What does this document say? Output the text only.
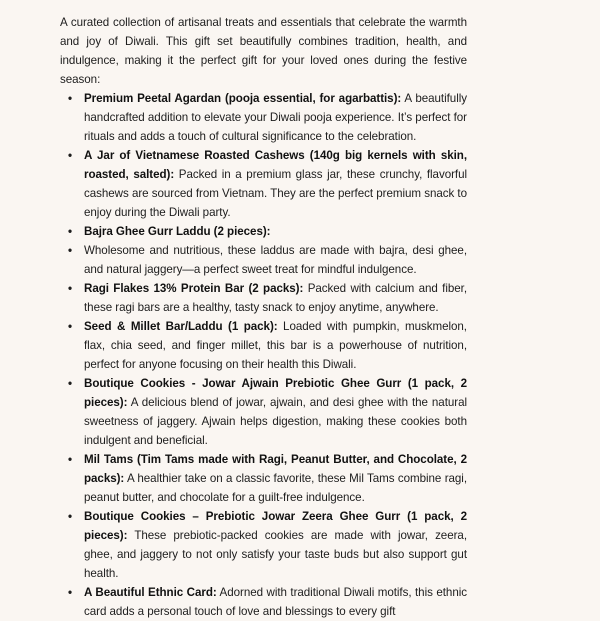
A curated collection of artisanal treats and essentials that celebrate the warmth and joy of Diwali. This gift set beautifully combines tradition, health, and indulgence, making it the perfect gift for your loved ones during the festive season:

• Premium Peetal Agardan (pooja essential, for agarbattis): A beautifully handcrafted addition to elevate your Diwali pooja experience. It’s perfect for rituals and adds a touch of cultural significance to the celebration.
• A Jar of Vietnamese Roasted Cashews (140g big kernels with skin, roasted, salted): Packed in a premium glass jar, these crunchy, flavorful cashews are sourced from Vietnam. They are the perfect premium snack to enjoy during the Diwali party.
• Bajra Ghee Gurr Laddu (2 pieces):
• Wholesome and nutritious, these laddus are made with bajra, desi ghee, and natural jaggery—a perfect sweet treat for mindful indulgence.
• Ragi Flakes 13% Protein Bar (2 packs): Packed with calcium and fiber, these ragi bars are a healthy, tasty snack to enjoy anytime, anywhere.
• Seed & Millet Bar/Laddu (1 pack): Loaded with pumpkin, muskmelon, flax, chia seed, and finger millet, this bar is a powerhouse of nutrition, perfect for anyone focusing on their health this Diwali.
• Boutique Cookies - Jowar Ajwain Prebiotic Ghee Gurr (1 pack, 2 pieces): A delicious blend of jowar, ajwain, and desi ghee with the natural sweetness of jaggery. Ajwain helps digestion, making these cookies both indulgent and beneficial.
• Mil Tams (Tim Tams made with Ragi, Peanut Butter, and Chocolate, 2 packs): A healthier take on a classic favorite, these Mil Tams combine ragi, peanut butter, and chocolate for a guilt-free indulgence.
• Boutique Cookies – Prebiotic Jowar Zeera Ghee Gurr (1 pack, 2 pieces): These prebiotic-packed cookies are made with jowar, zeera, ghee, and jaggery to not only satisfy your taste buds but also support gut health.
• A Beautiful Ethnic Card: Adorned with traditional Diwali motifs, this ethnic card adds a personal touch of love and blessings to every gift
